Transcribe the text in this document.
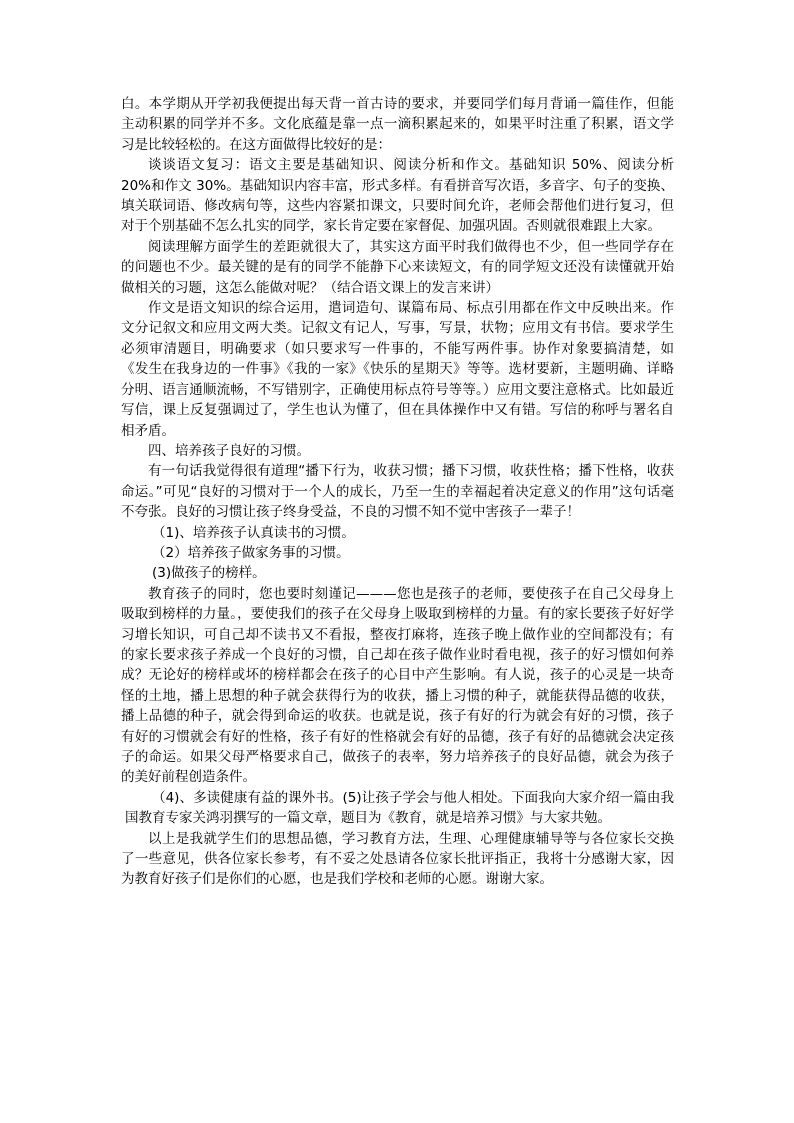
白。本学期从开学初我便提出每天背一首古诗的要求，并要同学们每月背诵一篇佳作，但能主动积累的同学并不多。文化底蕴是靠一点一滴积累起来的，如果平时注重了积累，语文学习是比较轻松的。在这方面做得比较好的是：

谈谈语文复习：语文主要是基础知识、阅读分析和作文。基础知识 50%、阅读分析 20%和作文 30%。基础知识内容丰富，形式多样。有看拼音写次语，多音字、句子的变换、填关联词语、修改病句等，这些内容紧扣课文，只要时间允许，老师会帮他们进行复习，但对于个别基础不怎么扎实的同学，家长肯定要在家督促、加强巩固。否则就很难跟上大家。

阅读理解方面学生的差距就很大了，其实这方面平时我们做得也不少，但一些同学存在的问题也不少。最关键的是有的同学不能静下心来读短文，有的同学短文还没有读懂就开始做相关的习题，这怎么能做对呢？（结合语文课上的发言来讲）

作文是语文知识的综合运用，遣词造句、谋篇布局、标点引用都在作文中反映出来。作文分记叙文和应用文两大类。记叙文有记人，写事，写景，状物；应用文有书信。要求学生必须审清题目，明确要求（如只要求写一件事的，不能写两件事。协作对象要搞清楚，如《发生在我身边的一件事》《我的一家》《快乐的星期天》等等。选材要新，主题明确、详略分明、语言通顺流畅，不写错别字，正确使用标点符号等等。）应用文要注意格式。比如最近写信，课上反复强调过了，学生也认为懂了，但在具体操作中又有错。写信的称呼与署名自相矛盾。

四、培养孩子良好的习惯。

有一句话我觉得很有道理“播下行为，收获习惯；播下习惯，收获性格；播下性格，收获命运。”可见“良好的习惯对于一个人的成长，乃至一生的幸福起着决定意义的作用”这句话毫不夸张。良好的习惯让孩子终身受益，不良的习惯不知不觉中害孩子一辈子！

（1)、培养孩子认真读书的习惯。

（2）培养孩子做家务事的习惯。

(3)做孩子的榜样。

教育孩子的同时，您也要时刻谨记———您也是孩子的老师，要使孩子在自己父母身上吸取到榜样的力量。，要使我们的孩子在父母身上吸取到榜样的力量。有的家长要孩子好好学习增长知识，可自己却不读书又不看报，整夜打麻将，连孩子晚上做作业的空间都没有；有的家长要求孩子养成一个良好的习惯，自己却在孩子做作业时看电视，孩子的好习惯如何养成？无论好的榜样或坏的榜样都会在孩子的心目中产生影响。有人说，孩子的心灵是一块奇怪的土地，播上思想的种子就会获得行为的收获，播上习惯的种子，就能获得品德的收获，播上品德的种子，就会得到命运的收获。也就是说，孩子有好的行为就会有好的习惯，孩子有好的习惯就会有好的性格，孩子有好的性格就会有好的品德，孩子有好的品德就会决定孩子的命运。如果父母严格要求自己，做孩子的表率，努力培养孩子的良好品德，就会为孩子的美好前程创造条件。

（4)、多读健康有益的课外书。(5)让孩子学会与他人相处。下面我向大家介绍一篇由我国教育专家关鸿羽撰写的一篇文章，题目为《教育，就是培养习惯》与大家共勉。

以上是我就学生们的思想品德，学习教育方法，生理、心理健康辅导等与各位家长交换了一些意见，供各位家长参考，有不妥之处恳请各位家长批评指正，我将十分感谢大家，因为教育好孩子们是你们的心愿，也是我们学校和老师的心愿。谢谢大家。
